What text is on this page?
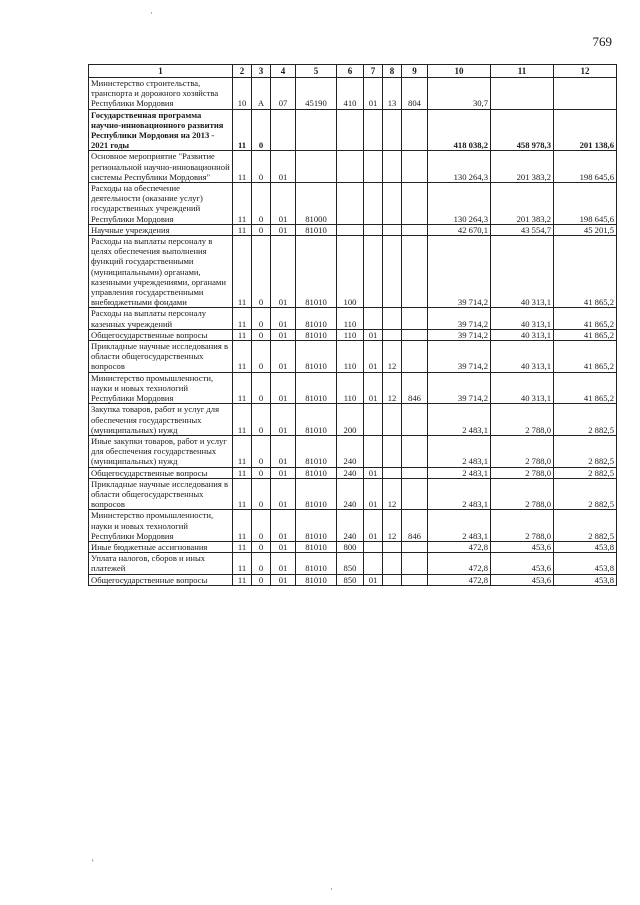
769
1	2	3	4	5	6	7	8	9	10	11	12
Министерство строительства, транспорта и дорожного хозяйства Республики Мордовия	10	А	07	45190	410	01	13	804	30,7		
Государственная программа научно-инновационного развития Республики Мордовия на 2013 - 2021 годы	11	0							418 038,2	458 978,3	201 138,6
Основное мероприятие "Развитие региональной научно-инновационной системы Республики Мордовия"	11	0	01						130 264,3	201 383,2	198 645,6
Расходы на обеспечение деятельности (оказание услуг) государственных учреждений Республики Мордовия	11	0	01	81000					130 264,3	201 383,2	198 645,6
Научные учреждения	11	0	01	81010					42 670,1	43 554,7	45 201,5
Расходы на выплаты персоналу в целях обеспечения выполнения функций государственными (муниципальными) органами, казенными учреждениями, органами управления государственными внебюджетными фондами	11	0	01	81010	100				39 714,2	40 313,1	41 865,2
Расходы на выплаты персоналу казенных учреждений	11	0	01	81010	110				39 714,2	40 313,1	41 865,2
Общегосударственные вопросы	11	0	01	81010	110	01			39 714,2	40 313,1	41 865,2
Прикладные научные исследования в области общегосударственных вопросов	11	0	01	81010	110	01	12		39 714,2	40 313,1	41 865,2
Министерство промышленности, науки и новых технологий Республики Мордовия	11	0	01	81010	110	01	12	846	39 714,2	40 313,1	41 865,2
Закупка товаров, работ и услуг для обеспечения государственных (муниципальных) нужд	11	0	01	81010	200				2 483,1	2 788,0	2 882,5
Иные закупки товаров, работ и услуг для обеспечения государственных (муниципальных) нужд	11	0	01	81010	240				2 483,1	2 788,0	2 882,5
Общегосударственные вопросы	11	0	01	81010	240	01			2 483,1	2 788,0	2 882,5
Прикладные научные исследования в области общегосударственных вопросов	11	0	01	81010	240	01	12		2 483,1	2 788,0	2 882,5
Министерство промышленности, науки и новых технологий Республики Мордовия	11	0	01	81010	240	01	12	846	2 483,1	2 788,0	2 882,5
Иные бюджетные ассигнования	11	0	01	81010	800				472,8	453,6	453,8
Уплата налогов, сборов и иных платежей	11	0	01	81010	850				472,8	453,6	453,8
Общегосударственные вопросы	11	0	01	81010	850	01			472,8	453,6	453,8
·
'
·
